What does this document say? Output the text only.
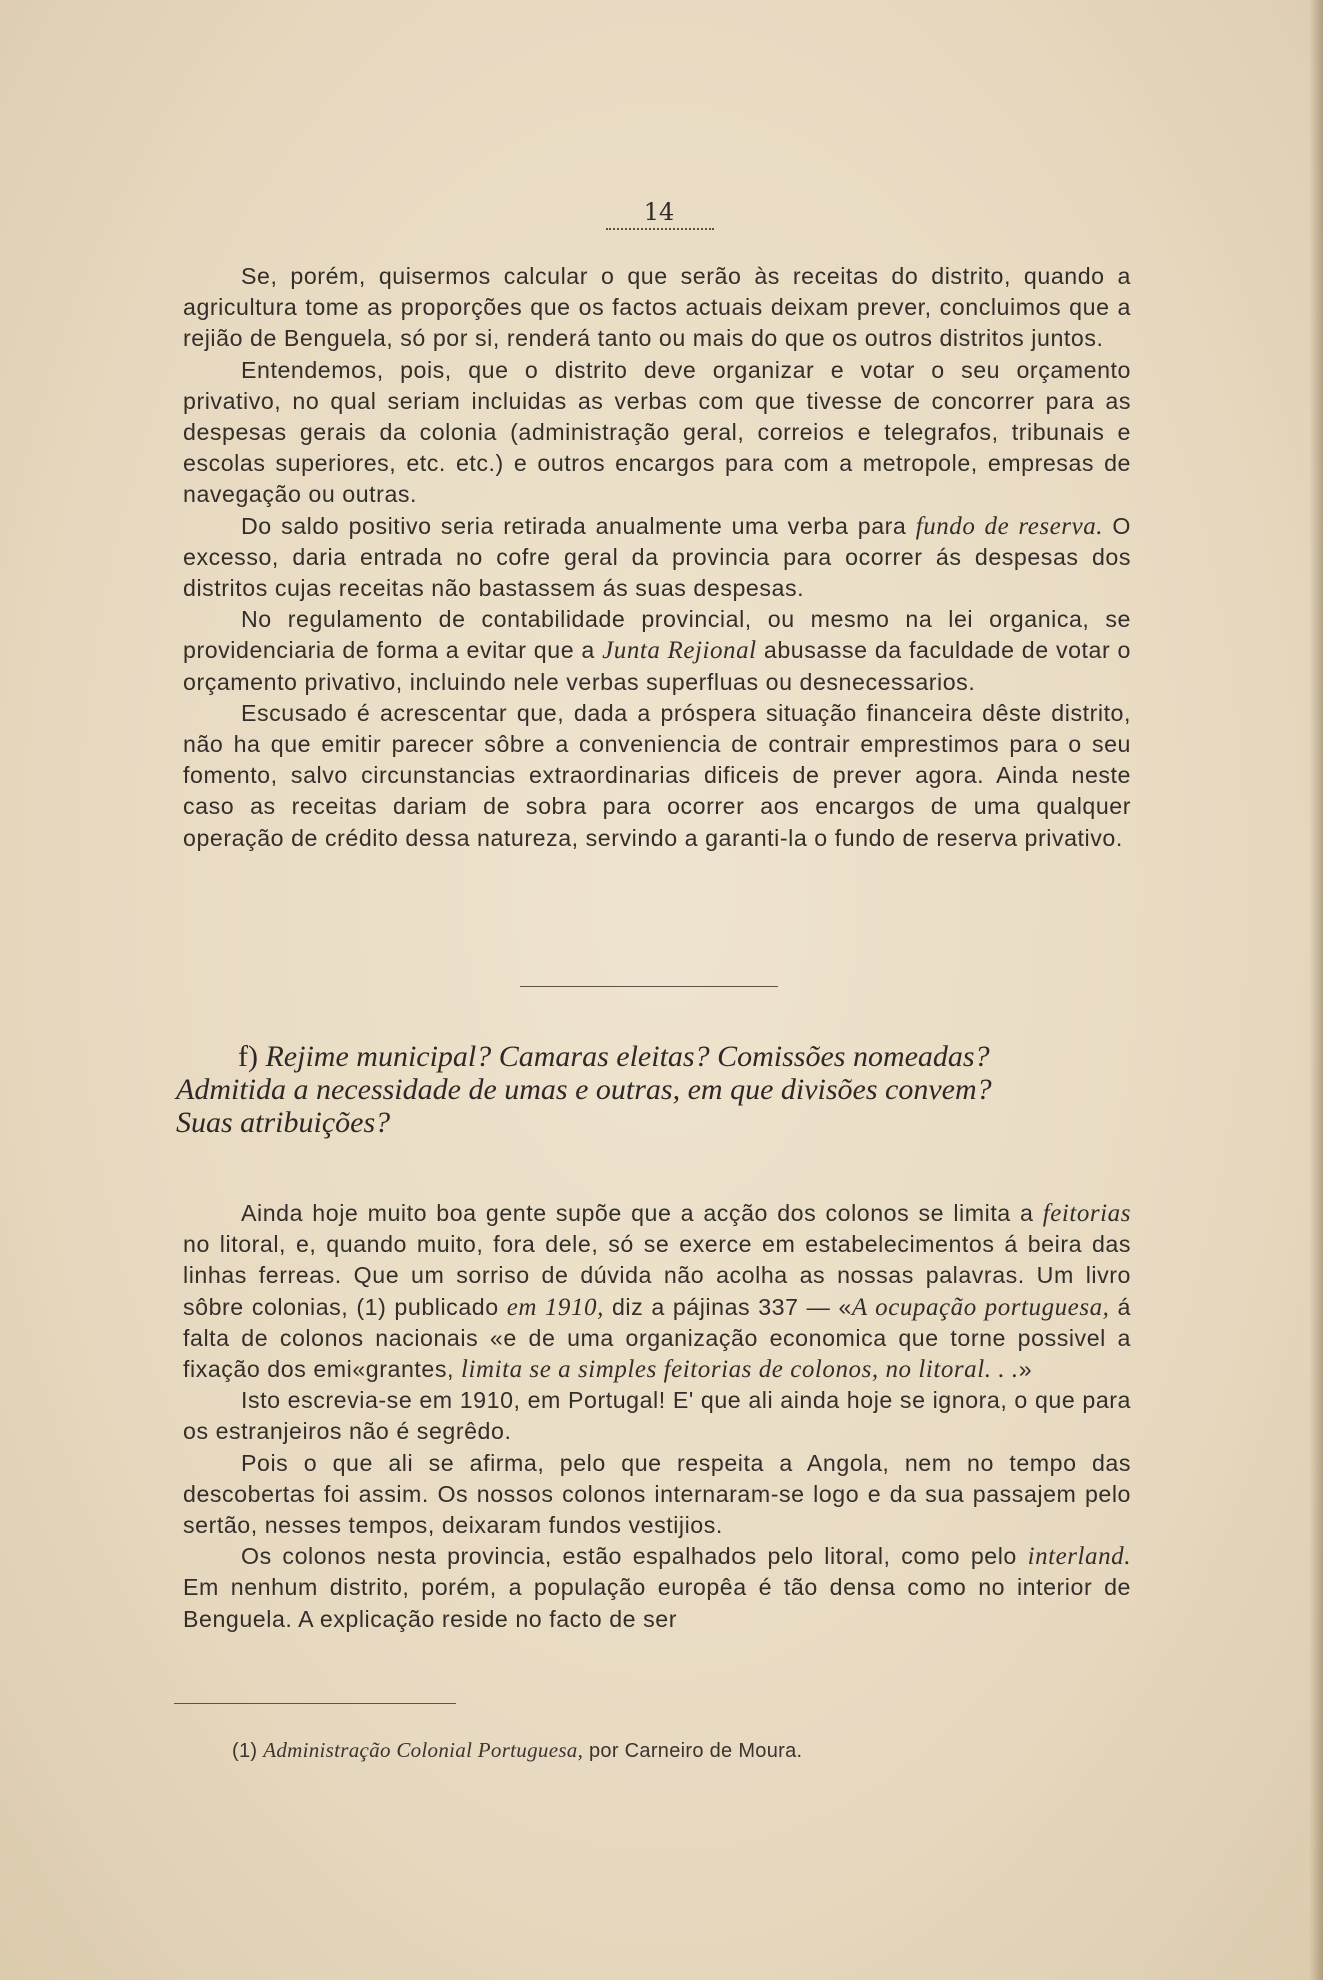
14

Se, porém, quisermos calcular o que serão às receitas do distrito, quando a agricultura tome as proporções que os factos actuais deixam prever, concluimos que a rejião de Benguela, só por si, renderá tanto ou mais do que os outros distritos juntos.

Entendemos, pois, que o distrito deve organizar e votar o seu orçamento privativo, no qual seriam incluidas as verbas com que tivesse de concorrer para as despesas gerais da colonia (administração geral, correios e telegrafos, tribunais e escolas superiores, etc. etc.) e outros encargos para com a metropole, empresas de navegação ou outras.

Do saldo positivo seria retirada anualmente uma verba para fundo de reserva. O excesso, daria entrada no cofre geral da provincia para ocorrer ás despesas dos distritos cujas receitas não bastassem ás suas despesas.

No regulamento de contabilidade provincial, ou mesmo na lei organica, se providenciaria de forma a evitar que a Junta Rejional abusasse da faculdade de votar o orçamento privativo, incluindo nele verbas superfluas ou desnecessarios.

Escusado é acrescentar que, dada a próspera situação financeira dêste distrito, não ha que emitir parecer sôbre a conveniencia de contrair emprestimos para o seu fomento, salvo circunstancias extraordinarias dificeis de prever agora. Ainda neste caso as receitas dariam de sobra para ocorrer aos encargos de uma qualquer operação de crédito dessa natureza, servindo a garanti-la o fundo de reserva privativo.

f) Rejime municipal? Camaras eleitas? Comissões nomeadas?
Admitida a necessidade de umas e outras, em que divisões convem?
Suas atribuições?

Ainda hoje muito boa gente supõe que a acção dos colonos se limita a feitorias no litoral, e, quando muito, fora dele, só se exerce em estabelecimentos á beira das linhas ferreas. Que um sorriso de dúvida não acolha as nossas palavras. Um livro sôbre colonias, (1) publicado em 1910, diz a pájinas 337 — «A ocupação portuguesa, á falta de colonos nacionais «e de uma organização economica que torne possivel a fixação dos emi«grantes, limita se a simples feitorias de colonos, no litoral. . .»

Isto escrevia-se em 1910, em Portugal! E' que ali ainda hoje se ignora, o que para os estranjeiros não é segrêdo.

Pois o que ali se afirma, pelo que respeita a Angola, nem no tempo das descobertas foi assim. Os nossos colonos internaram-se logo e da sua passajem pelo sertão, nesses tempos, deixaram fundos vestijios.

Os colonos nesta provincia, estão espalhados pelo litoral, como pelo interland. Em nenhum distrito, porém, a população europêa é tão densa como no interior de Benguela. A explicação reside no facto de ser

(1) Administração Colonial Portuguesa, por Carneiro de Moura.
